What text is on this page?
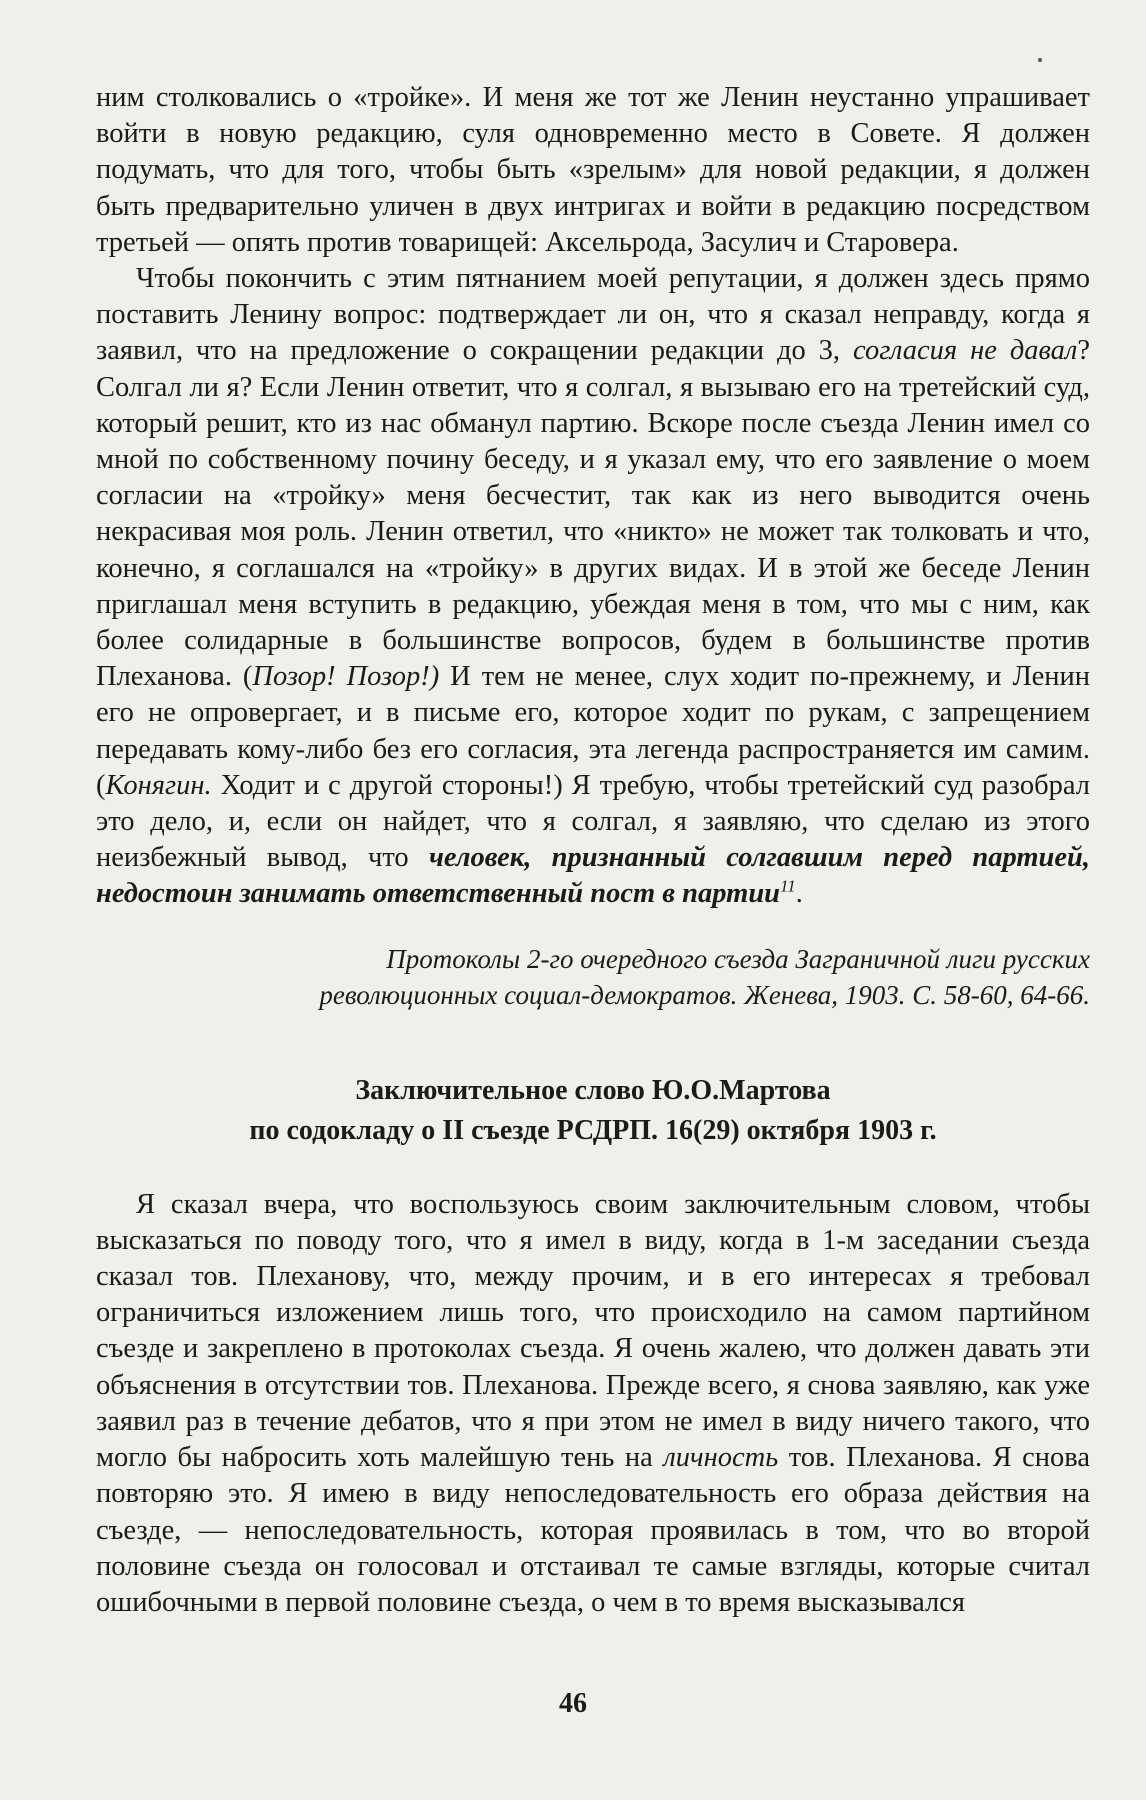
ним столковались о «тройке». И меня же тот же Ленин неустанно упрашивает войти в новую редакцию, суля одновременно место в Совете. Я должен подумать, что для того, чтобы быть «зрелым» для новой редакции, я должен быть предварительно уличен в двух интригах и войти в редакцию посредством третьей — опять против товарищей: Аксельрода, Засулич и Старовера.

Чтобы покончить с этим пятнанием моей репутации, я должен здесь прямо поставить Ленину вопрос: подтверждает ли он, что я сказал неправду, когда я заявил, что на предложение о сокращении редакции до 3, согласия не давал? Солгал ли я? Если Ленин ответит, что я солгал, я вызываю его на третейский суд, который решит, кто из нас обманул партию. Вскоре после съезда Ленин имел со мной по собственному почину беседу, и я указал ему, что его заявление о моем согласии на «тройку» меня бесчестит, так как из него выводится очень некрасивая моя роль. Ленин ответил, что «никто» не может так толковать и что, конечно, я соглашался на «тройку» в других видах. И в этой же беседе Ленин приглашал меня вступить в редакцию, убеждая меня в том, что мы с ним, как более солидарные в большинстве вопросов, будем в большинстве против Плеханова. (Позор! Позор!) И тем не менее, слух ходит по-прежнему, и Ленин его не опровергает, и в письме его, которое ходит по рукам, с запрещением передавать кому-либо без его согласия, эта легенда распространяется им самим. (Конягин. Ходит и с другой стороны!) Я требую, чтобы третейский суд разобрал это дело, и, если он найдет, что я солгал, я заявляю, что сделаю из этого неизбежный вывод, что человек, признанный солгавшим перед партией, недостоин занимать ответственный пост в партии$^{11}$.

Протоколы 2-го очередного съезда Заграничной лиги русских революционных социал-демократов. Женева, 1903. С. 58-60, 64-66.

Заключительное слово Ю.О.Мартова
по содокладу о II съезде РСДРП. 16(29) октября 1903 г.

Я сказал вчера, что воспользуюсь своим заключительным словом, чтобы высказаться по поводу того, что я имел в виду, когда в 1-м заседании съезда сказал тов. Плеханову, что, между прочим, и в его интересах я требовал ограничиться изложением лишь того, что происходило на самом партийном съезде и закреплено в протоколах съезда. Я очень жалею, что должен давать эти объяснения в отсутствии тов. Плеханова. Прежде всего, я снова заявляю, как уже заявил раз в течение дебатов, что я при этом не имел в виду ничего такого, что могло бы набросить хоть малейшую тень на личность тов. Плеханова. Я снова повторяю это. Я имею в виду непоследовательность его образа действия на съезде, — непоследовательность, которая проявилась в том, что во второй половине съезда он голосовал и отстаивал те самые взгляды, которые считал ошибочными в первой половине съезда, о чем в то время высказывался

46
